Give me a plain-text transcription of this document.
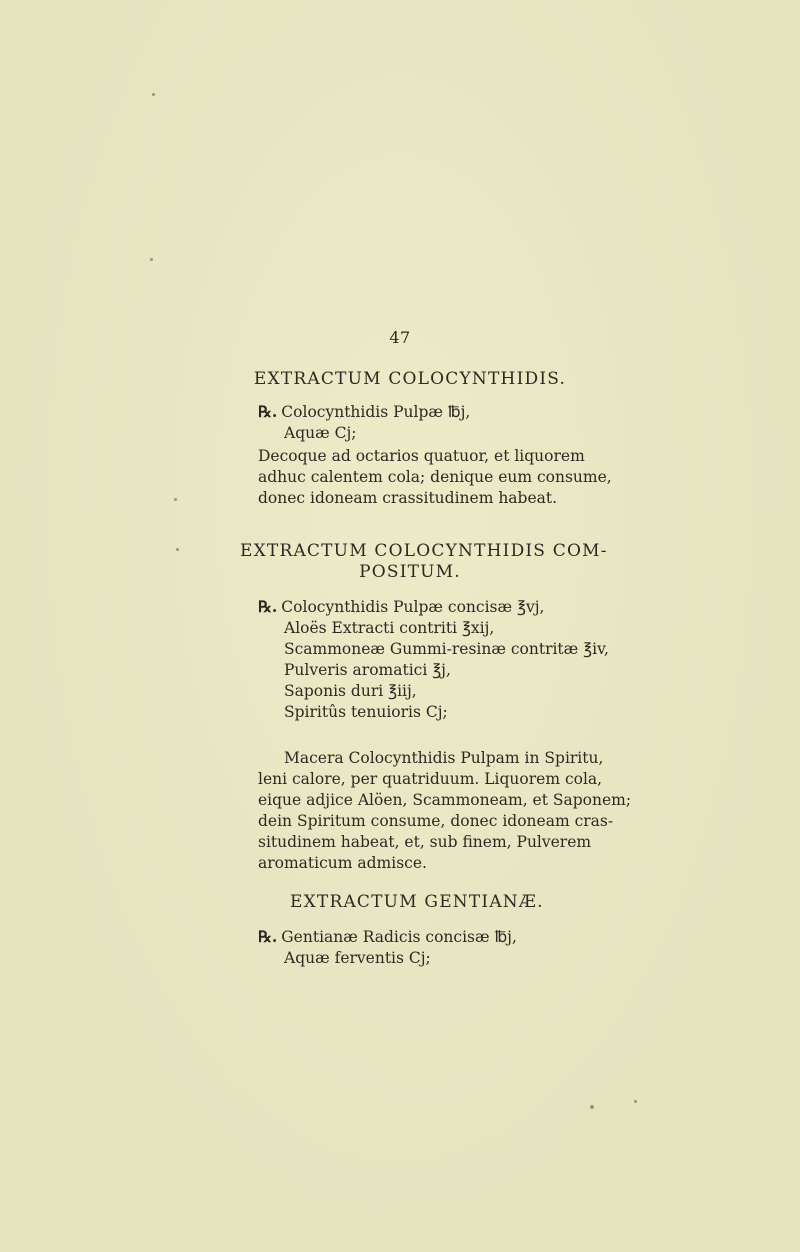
47
EXTRACTUM COLOCYNTHIDIS.
℞. Colocynthidis Pulpæ ℔j,
Aquæ Cj;
Decoque ad octarios quatuor, et liquorem
adhuc calentem cola; denique eum consume,
donec idoneam crassitudinem habeat.
EXTRACTUM COLOCYNTHIDIS COM-
POSITUM.
℞. Colocynthidis Pulpæ concisæ ℥vj,
Aloës Extracti contriti ℥xij,
Scammoneæ Gummi-resinæ contritæ ℥iv,
Pulveris aromatici ℥j,
Saponis duri ℥iij,
Spiritûs tenuioris Cj;
Macera Colocynthidis Pulpam in Spiritu,
leni calore, per quatriduum. Liquorem cola,
eique adjice Alöen, Scammoneam, et Saponem;
dein Spiritum consume, donec idoneam cras-
situdinem habeat, et, sub finem, Pulverem
aromaticum admisce.
EXTRACTUM GENTIANÆ.
℞. Gentianæ Radicis concisæ ℔j,
Aquæ ferventis Cj;
